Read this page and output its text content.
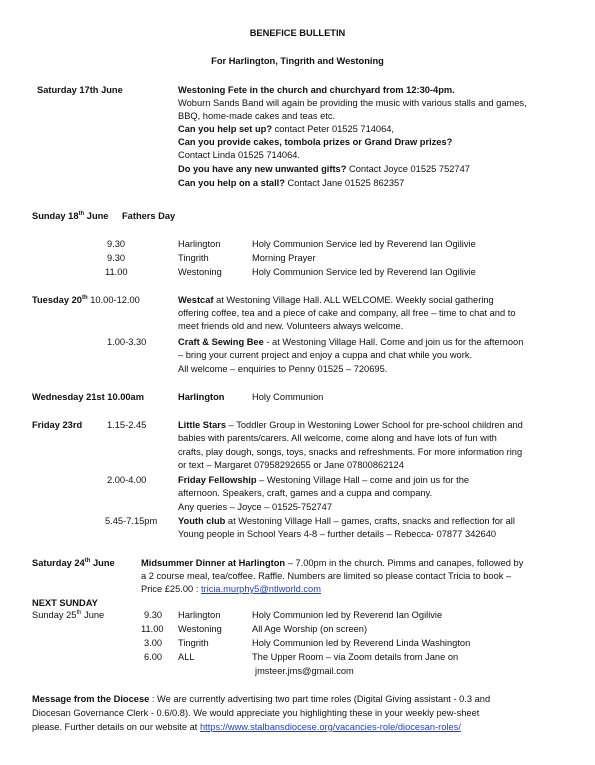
BENEFICE BULLETIN
For Harlington, Tingrith and Westoning
Saturday 17th June	Westoning Fete in the church and churchyard from 12:30-4pm.
Woburn Sands Band will again be providing the music with various stalls and games,
BBQ, home-made cakes and teas etc.
Can you help set up? contact Peter 01525 714064,
Can you provide cakes, tombola prizes or Grand Draw prizes?
Contact Linda 01525 714064.
Do you have any new unwanted gifts? Contact Joyce 01525 752747
Can you help on a stall? Contact Jane 01525 862357
Sunday 18th June Fathers Day
9.30	Harlington	Holy Communion Service led by Reverend Ian Ogilivie
9.30	Tingrith	Morning Prayer
11.00	Westoning	Holy Communion Service led by Reverend Ian Ogilivie
Tuesday 20th 10.00-12.00	Westcaf at Westoning Village Hall. ALL WELCOME. Weekly social gathering
offering coffee, tea and a piece of cake and company, all free – time to chat and to
meet friends old and new. Volunteers always welcome.
1.00-3.30	Craft & Sewing Bee - at Westoning Village Hall. Come and join us for the afternoon
– bring your current project and enjoy a cuppa and chat while you work.
All welcome – enquiries to Penny 01525 – 720695.
Wednesday 21st 10.00am	Harlington	Holy Communion
Friday 23rd	1.15-2.45	Little Stars – Toddler Group in Westoning Lower School for pre-school children and
babies with parents/carers. All welcome, come along and have lots of fun with
crafts, play dough, songs, toys, snacks and refreshments. For more information ring
or text – Margaret 07958292655 or Jane 07800862124
2.00-4.00	Friday Fellowship – Westoning Village Hall – come and join us for the
afternoon. Speakers, craft, games and a cuppa and company.
Any queries – Joyce – 01525-752747
5.45-7.15pm Youth club at Westoning Village Hall – games, crafts, snacks and reflection for all
Young people in School Years 4-8 – further details – Rebecca- 07877 342640
Saturday 24th June	Midsummer Dinner at Harlington – 7.00pm in the church. Pimms and canapes, followed by
a 2 course meal, tea/coffee. Raffle. Numbers are limited so please contact Tricia to book –
Price £25.00 : tricia.murphy5@ntlworld.com
NEXT SUNDAY
Sunday 25th June	9.30 Harlington	Holy Communion led by Reverend Ian Ogilivie
11.00 Westoning	All Age Worship (on screen)
3.00 Tingrith	Holy Communion led by Reverend Linda Washington
6.00 ALL	The Upper Room – via Zoom details from Jane on
jmsteer.jms@gmail.com
Message from the Diocese : We are currently advertising two part time roles (Digital Giving assistant - 0.3 and
Diocesan Governance Clerk - 0.6/0.8). We would appreciate you highlighting these in your weekly pew-sheet
please. Further details on our website at https://www.stalbansdiocese.org/vacancies-role/diocesan-roles/
